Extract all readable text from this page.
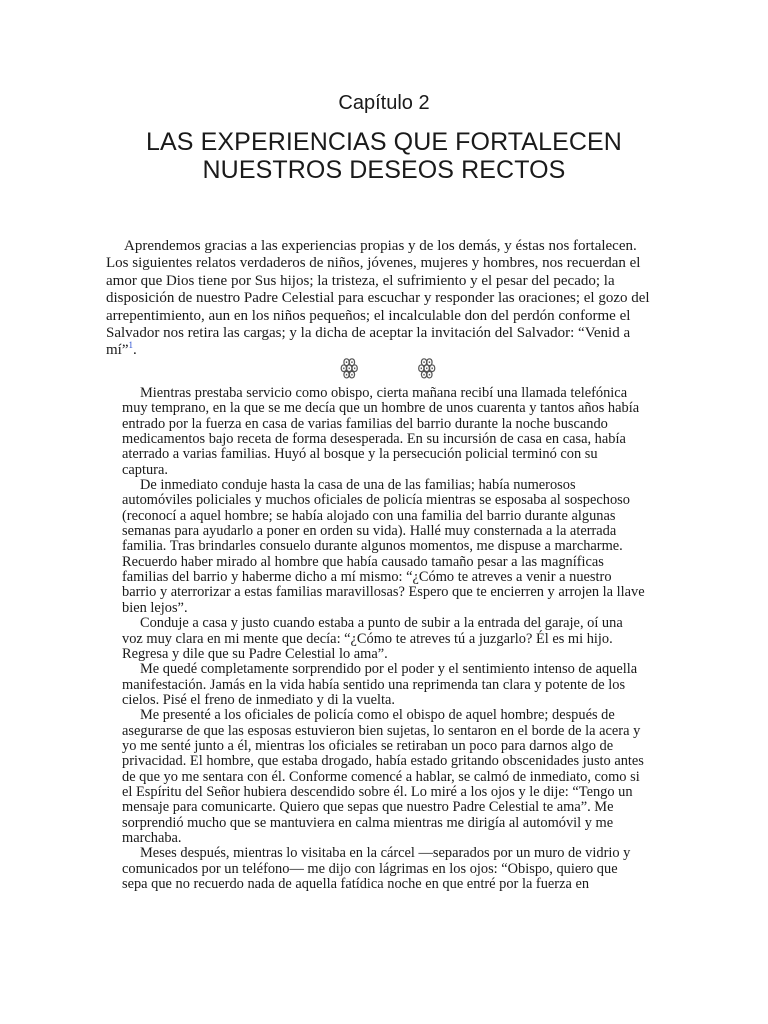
Capítulo 2
LAS EXPERIENCIAS QUE FORTALECEN
NUESTROS DESEOS RECTOS

Aprendemos gracias a las experiencias propias y de los demás, y éstas nos fortalecen. Los siguientes relatos verdaderos de niños, jóvenes, mujeres y hombres, nos recuerdan el amor que Dios tiene por Sus hijos; la tristeza, el sufrimiento y el pesar del pecado; la disposición de nuestro Padre Celestial para escuchar y responder las oraciones; el gozo del arrepentimiento, aun en los niños pequeños; el incalculable don del perdón conforme el Salvador nos retira las cargas; y la dicha de aceptar la invitación del Salvador: “Venid a mí”$^1$.

ꙮ	ꙮ

Mientras prestaba servicio como obispo, cierta mañana recibí una llamada telefónica muy temprano, en la que se me decía que un hombre de unos cuarenta y tantos años había entrado por la fuerza en casa de varias familias del barrio durante la noche buscando medicamentos bajo receta de forma desesperada. En su incursión de casa en casa, había aterrado a varias familias. Huyó al bosque y la persecución policial terminó con su captura.

De inmediato conduje hasta la casa de una de las familias; había numerosos automóviles policiales y muchos oficiales de policía mientras se esposaba al sospechoso (reconocí a aquel hombre; se había alojado con una familia del barrio durante algunas semanas para ayudarlo a poner en orden su vida). Hallé muy consternada a la aterrada familia. Tras brindarles consuelo durante algunos momentos, me dispuse a marcharme. Recuerdo haber mirado al hombre que había causado tamaño pesar a las magníficas familias del barrio y haberme dicho a mí mismo: “¿Cómo te atreves a venir a nuestro barrio y aterrorizar a estas familias maravillosas? Espero que te encierren y arrojen la llave bien lejos”.

Conduje a casa y justo cuando estaba a punto de subir a la entrada del garaje, oí una voz muy clara en mi mente que decía: “¿Cómo te atreves tú a juzgarlo? Él es mi hijo. Regresa y dile que su Padre Celestial lo ama”.

Me quedé completamente sorprendido por el poder y el sentimiento intenso de aquella manifestación. Jamás en la vida había sentido una reprimenda tan clara y potente de los cielos. Pisé el freno de inmediato y di la vuelta.

Me presenté a los oficiales de policía como el obispo de aquel hombre; después de asegurarse de que las esposas estuvieron bien sujetas, lo sentaron en el borde de la acera y yo me senté junto a él, mientras los oficiales se retiraban un poco para darnos algo de privacidad. El hombre, que estaba drogado, había estado gritando obscenidades justo antes de que yo me sentara con él. Conforme comencé a hablar, se calmó de inmediato, como si el Espíritu del Señor hubiera descendido sobre él. Lo miré a los ojos y le dije: “Tengo un mensaje para comunicarte. Quiero que sepas que nuestro Padre Celestial te ama”. Me sorprendió mucho que se mantuviera en calma mientras me dirigía al automóvil y me marchaba.

Meses después, mientras lo visitaba en la cárcel —separados por un muro de vidrio y comunicados por un teléfono— me dijo con lágrimas en los ojos: “Obispo, quiero que sepa que no recuerdo nada de aquella fatídica noche en que entré por la fuerza en
